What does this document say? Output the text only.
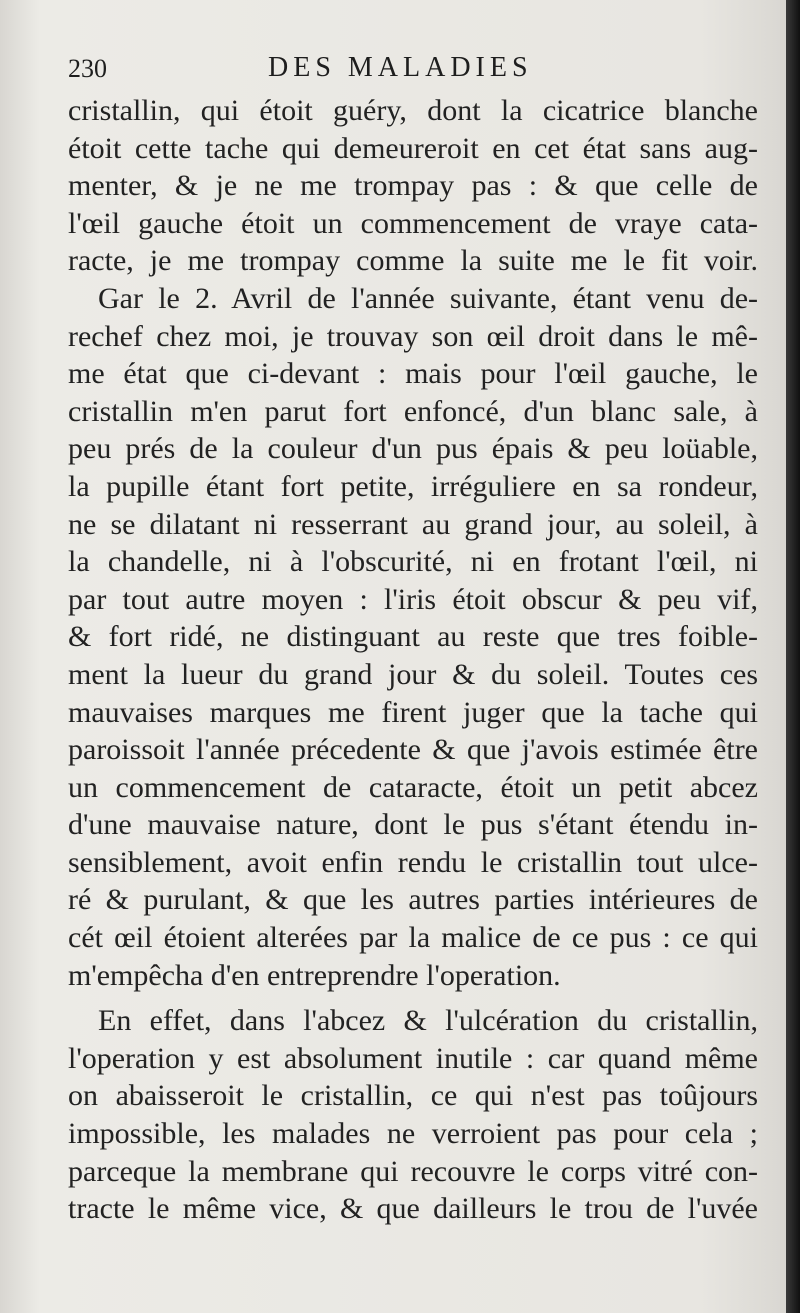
230	DES MALADIES
cristallin, qui étoit guéry, dont la cicatrice blanche
étoit cette tache qui demeureroit en cet état sans aug-
menter, & je ne me trompay pas : & que celle de
l'œil gauche étoit un commencement de vraye cata-
racte, je me trompay comme la suite me le fit voir.
Gar le 2. Avril de l'année suivante, étant venu de-
rechef chez moi, je trouvay son œil droit dans le mê-
me état que ci-devant : mais pour l'œil gauche, le
cristallin m'en parut fort enfoncé, d'un blanc sale, à
peu prés de la couleur d'un pus épais & peu loüable,
la pupille étant fort petite, irréguliere en sa rondeur,
ne se dilatant ni resserrant au grand jour, au soleil, à
la chandelle, ni à l'obscurité, ni en frotant l'œil, ni
par tout autre moyen : l'iris étoit obscur & peu vif,
& fort ridé, ne distinguant au reste que tres foible-
ment la lueur du grand jour & du soleil. Toutes ces
mauvaises marques me firent juger que la tache qui
paroissoit l'année précedente & que j'avois estimée être
un commencement de cataracte, étoit un petit abcez
d'une mauvaise nature, dont le pus s'étant étendu in-
sensiblement, avoit enfin rendu le cristallin tout ulce-
ré & purulant, & que les autres parties intérieures de
cét œil étoient alterées par la malice de ce pus : ce qui
m'empêcha d'en entreprendre l'operation.
En effet, dans l'abcez & l'ulcération du cristallin,
l'operation y est absolument inutile : car quand même
on abaisseroit le cristallin, ce qui n'est pas toûjours
impossible, les malades ne verroient pas pour cela ;
parceque la membrane qui recouvre le corps vitré con-
tracte le même vice, & que dailleurs le trou de l'uvée
